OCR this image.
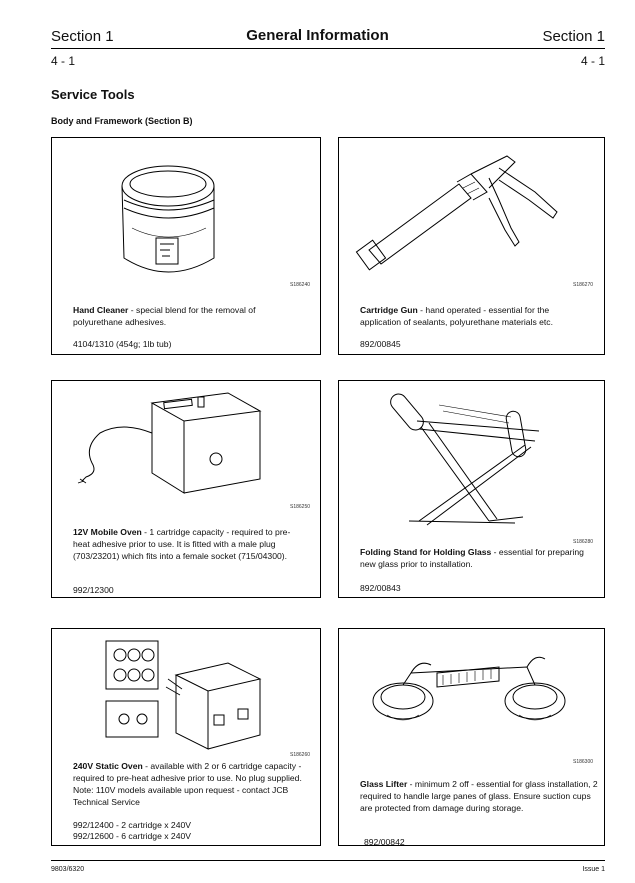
Section 1	General Information	Section 1
4 - 1	4 - 1
Service Tools
Body and Framework (Section B)
S186240
Hand Cleaner - special blend for the removal of polyurethane adhesives.
4104/1310 (454g; 1lb tub)
S186270
Cartridge Gun - hand operated - essential for the application of sealants, polyurethane materials etc.
892/00845
S186250
12V Mobile Oven - 1 cartridge capacity - required to pre-heat adhesive prior to use. It is fitted with a male plug (703/23201) which fits into a female socket (715/04300).
992/12300
S186280
Folding Stand for Holding Glass - essential for preparing new glass prior to installation.
892/00843
S186260
240V Static Oven - available with 2 or 6 cartridge capacity - required to pre-heat adhesive prior to use. No plug supplied. Note: 110V models available upon request - contact JCB Technical Service
992/12400 - 2 cartridge x 240V
992/12600 - 6 cartridge x 240V
S186300
Glass Lifter - minimum 2 off - essential for glass installation, 2 required to handle large panes of glass. Ensure suction cups are protected from damage during storage.
892/00842
9803/6320	Issue 1
